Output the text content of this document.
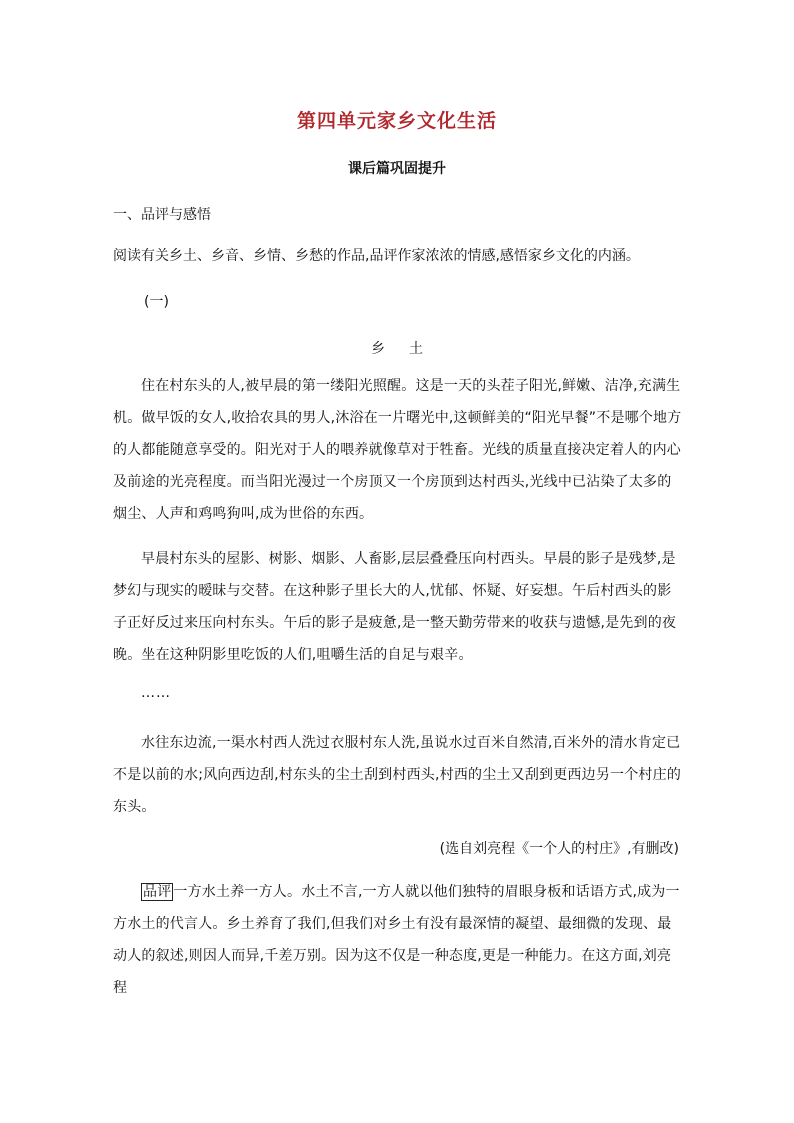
第四单元家乡文化生活
课后篇巩固提升
一、品评与感悟
阅读有关乡土、乡音、乡情、乡愁的作品,品评作家浓浓的情感,感悟家乡文化的内涵。
(一)
乡土
住在村东头的人,被早晨的第一缕阳光照醒。这是一天的头茬子阳光,鲜嫩、洁净,充满生机。做早饭的女人,收拾农具的男人,沐浴在一片曙光中,这顿鲜美的“阳光早餐”不是哪个地方的人都能随意享受的。阳光对于人的喂养就像草对于牲畜。光线的质量直接决定着人的内心及前途的光亮程度。而当阳光漫过一个房顶又一个房顶到达村西头,光线中已沾染了太多的烟尘、人声和鸡鸣狗叫,成为世俗的东西。
早晨村东头的屋影、树影、烟影、人畜影,层层叠叠压向村西头。早晨的影子是残梦,是梦幻与现实的暧昧与交替。在这种影子里长大的人,忧郁、怀疑、好妄想。午后村西头的影子正好反过来压向村东头。午后的影子是疲惫,是一整天勤劳带来的收获与遗憾,是先到的夜晚。坐在这种阴影里吃饭的人们,咀嚼生活的自足与艰辛。
……
水往东边流,一渠水村西人洗过衣服村东人洗,虽说水过百米自然清,百米外的清水肯定已不是以前的水;风向西边刮,村东头的尘土刮到村西头,村西的尘土又刮到更西边另一个村庄的东头。
(选自刘亮程《一个人的村庄》,有删改)
品评 一方水土养一方人。水土不言,一方人就以他们独特的眉眼身板和话语方式,成为一方水土的代言人。乡土养育了我们,但我们对乡土有没有最深情的凝望、最细微的发现、最动人的叙述,则因人而异,千差万别。因为这不仅是一种态度,更是一种能力。在这方面,刘亮程
